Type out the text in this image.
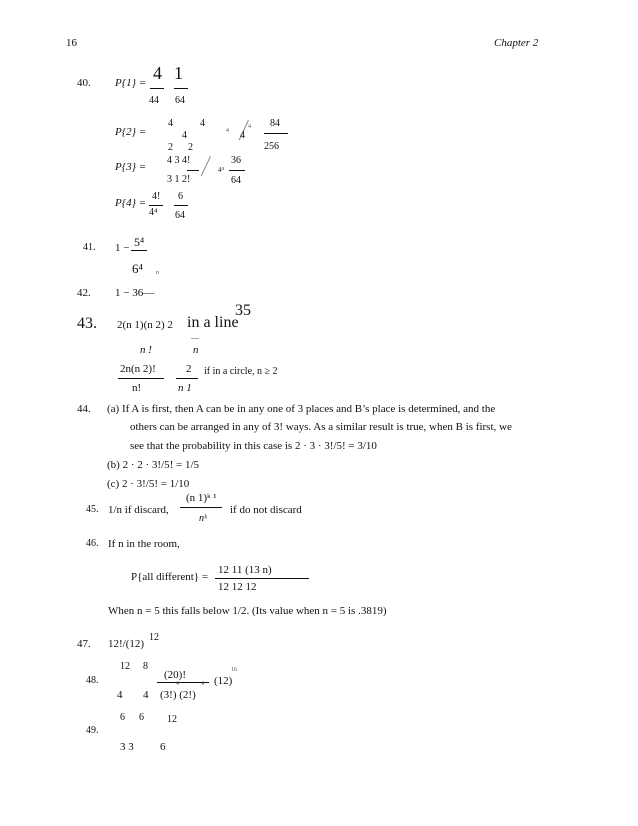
16	Chapter 2
40. P{1} = 4 1
44 64
P{2} =
4
4
4
2 2
4 4
4 84
256
P{3} =
4 3 4!
3 1 2!
4⁴
36
64
P{4} =
4!
4⁴
6
64
41. 1 − 5⁴
6⁴ n
42. 1 − 36—
43. 2(n 1)(n 2) 2 in a line
35
n !	n
2n(n 2)!	2 if in a circle, n ≥ 2
n!	n 1
44. (a) If A is first, then A can be in any one of 3 places and B’s place is determined, and the
others can be arranged in any of 3! ways. As a similar result is true, when B is first, we
see that the probability in this case is 2 · 3 · 3!/5! = 3/10
(b) 2 · 2 · 3!/5! = 1/5
(c) 2 · 3!/5! = 1/10
(n 1)ᵏ ¹
45. 1/n if discard,	if do not discard
nᵏ
46. If n in the room,
12 11 (13 n)
P{all different} =
12 12 12
When n = 5 this falls below 1/2. (Its value when n = 5 is .3819)
47. 12!/(12)
12
12 8
(20)!	16
48.	4	4 (12)
4 4 (3!) (2!)
6 6 12
49.
3 3 6
